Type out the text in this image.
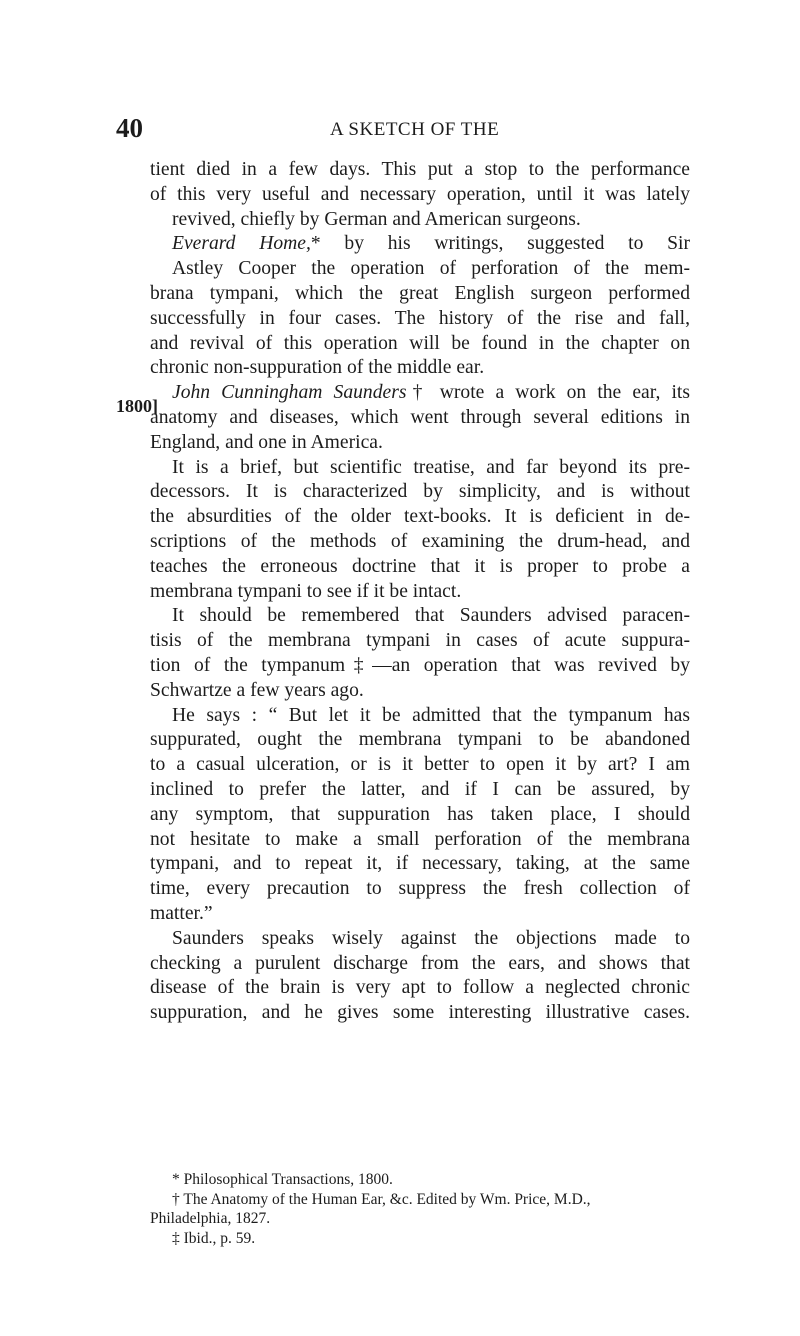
40	A SKETCH OF THE
1800]
tient died in a few days. This put a stop to the performance
of this very useful and necessary operation, until it was lately
revived, chiefly by German and American surgeons.
Everard Home,* by his writings, suggested to Sir
Astley Cooper the operation of perforation of the mem-
brana tympani, which the great English surgeon performed
successfully in four cases. The history of the rise and fall,
and revival of this operation will be found in the chapter on
chronic non-suppuration of the middle ear.
John Cunningham Saunders† wrote a work on the ear, its
anatomy and diseases, which went through several editions in
England, and one in America.
It is a brief, but scientific treatise, and far beyond its pre-
decessors. It is characterized by simplicity, and is without
the absurdities of the older text-books. It is deficient in de-
scriptions of the methods of examining the drum-head, and
teaches the erroneous doctrine that it is proper to probe a
membrana tympani to see if it be intact.
It should be remembered that Saunders advised paracen-
tisis of the membrana tympani in cases of acute suppura-
tion of the tympanum‡—an operation that was revived by
Schwartze a few years ago.
He says : “ But let it be admitted that the tympanum has
suppurated, ought the membrana tympani to be abandoned
to a casual ulceration, or is it better to open it by art? I am
inclined to prefer the latter, and if I can be assured, by
any symptom, that suppuration has taken place, I should
not hesitate to make a small perforation of the membrana
tympani, and to repeat it, if necessary, taking, at the same
time, every precaution to suppress the fresh collection of
matter.”
Saunders speaks wisely against the objections made to
checking a purulent discharge from the ears, and shows that
disease of the brain is very apt to follow a neglected chronic
suppuration, and he gives some interesting illustrative cases.
* Philosophical Transactions, 1800.
† The Anatomy of the Human Ear, &c. Edited by Wm. Price, M.D.,
Philadelphia, 1827.
‡ Ibid., p. 59.
